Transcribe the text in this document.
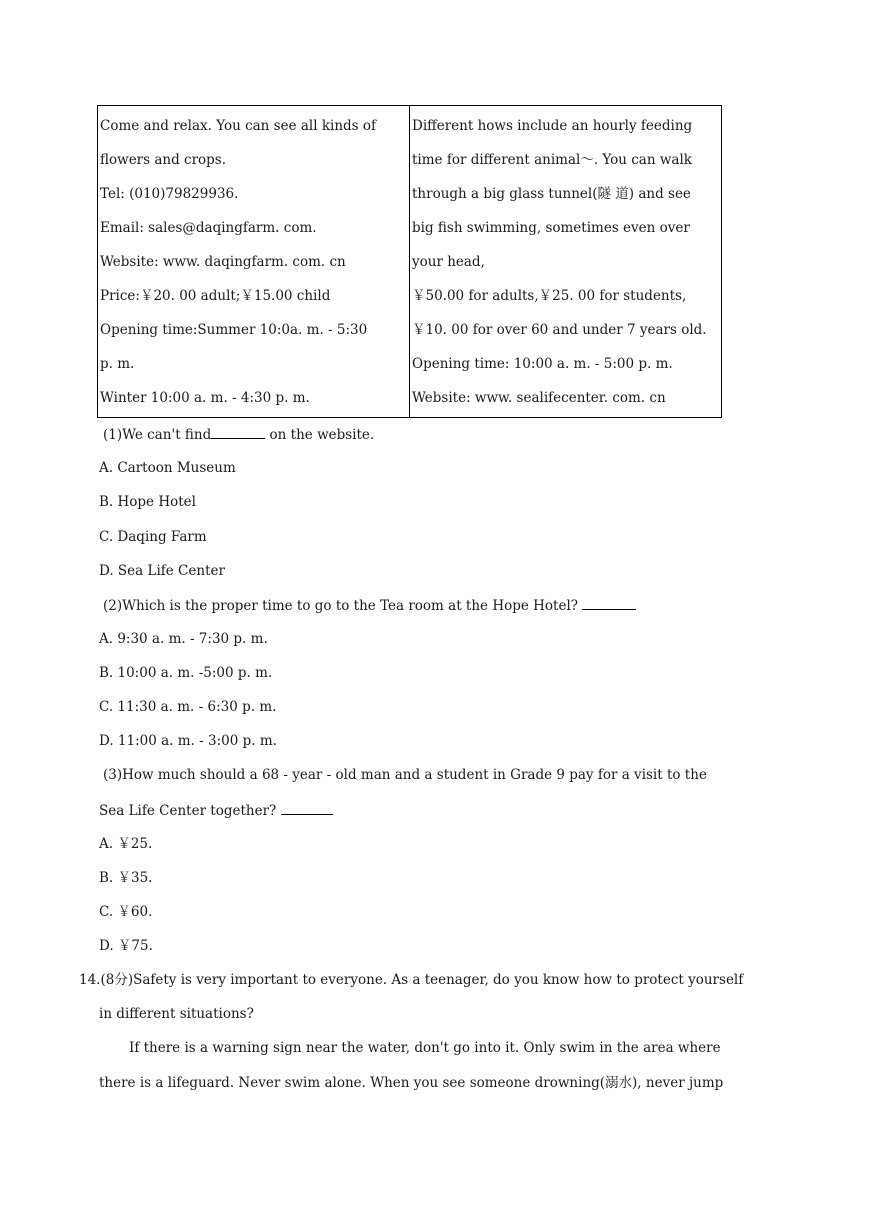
Come and relax. You can see all kinds of
flowers and crops.
Tel: (010)79829936.
Email: sales@daqingfarm. com.
Website: www. daqingfarm. com. cn
Price:￥20. 00 adult;￥15.00 child
Opening time:Summer 10:0a. m. - 5:30
p. m.
Winter 10:00 a. m. - 4:30 p. m.

Different hows include an hourly feeding
time for different animal～. You can walk
through a big glass tunnel(隧 道) and see
big fish swimming, sometimes even over
your head,
￥50.00 for adults,￥25. 00 for students,
￥10. 00 for over 60 and under 7 years old.
Opening time: 10:00 a. m. - 5:00 p. m.
Website: www. sealifecenter. com. cn
(1)We can't find	on the website.
A. Cartoon Museum
B. Hope Hotel
C. Daqing Farm
D. Sea Life Center
(2)Which is the proper time to go to the Tea room at the Hope Hotel?
A. 9:30 a. m. - 7:30 p. m.
B. 10:00 a. m. -5:00 p. m.
C. 11:30 a. m. - 6:30 p. m.
D. 11:00 a. m. - 3:00 p. m.
(3)How much should a 68 - year - old man and a student in Grade 9 pay for a visit to the
Sea Life Center together?
A. ￥25.
B. ￥35.
C. ￥60.
D. ￥75.
14.(8分)Safety is very important to everyone. As a teenager, do you know how to protect yourself
in different situations?
If there is a warning sign near the water, don't go into it. Only swim in the area where
there is a lifeguard. Never swim alone. When you see someone drowning(溺水), never jump
